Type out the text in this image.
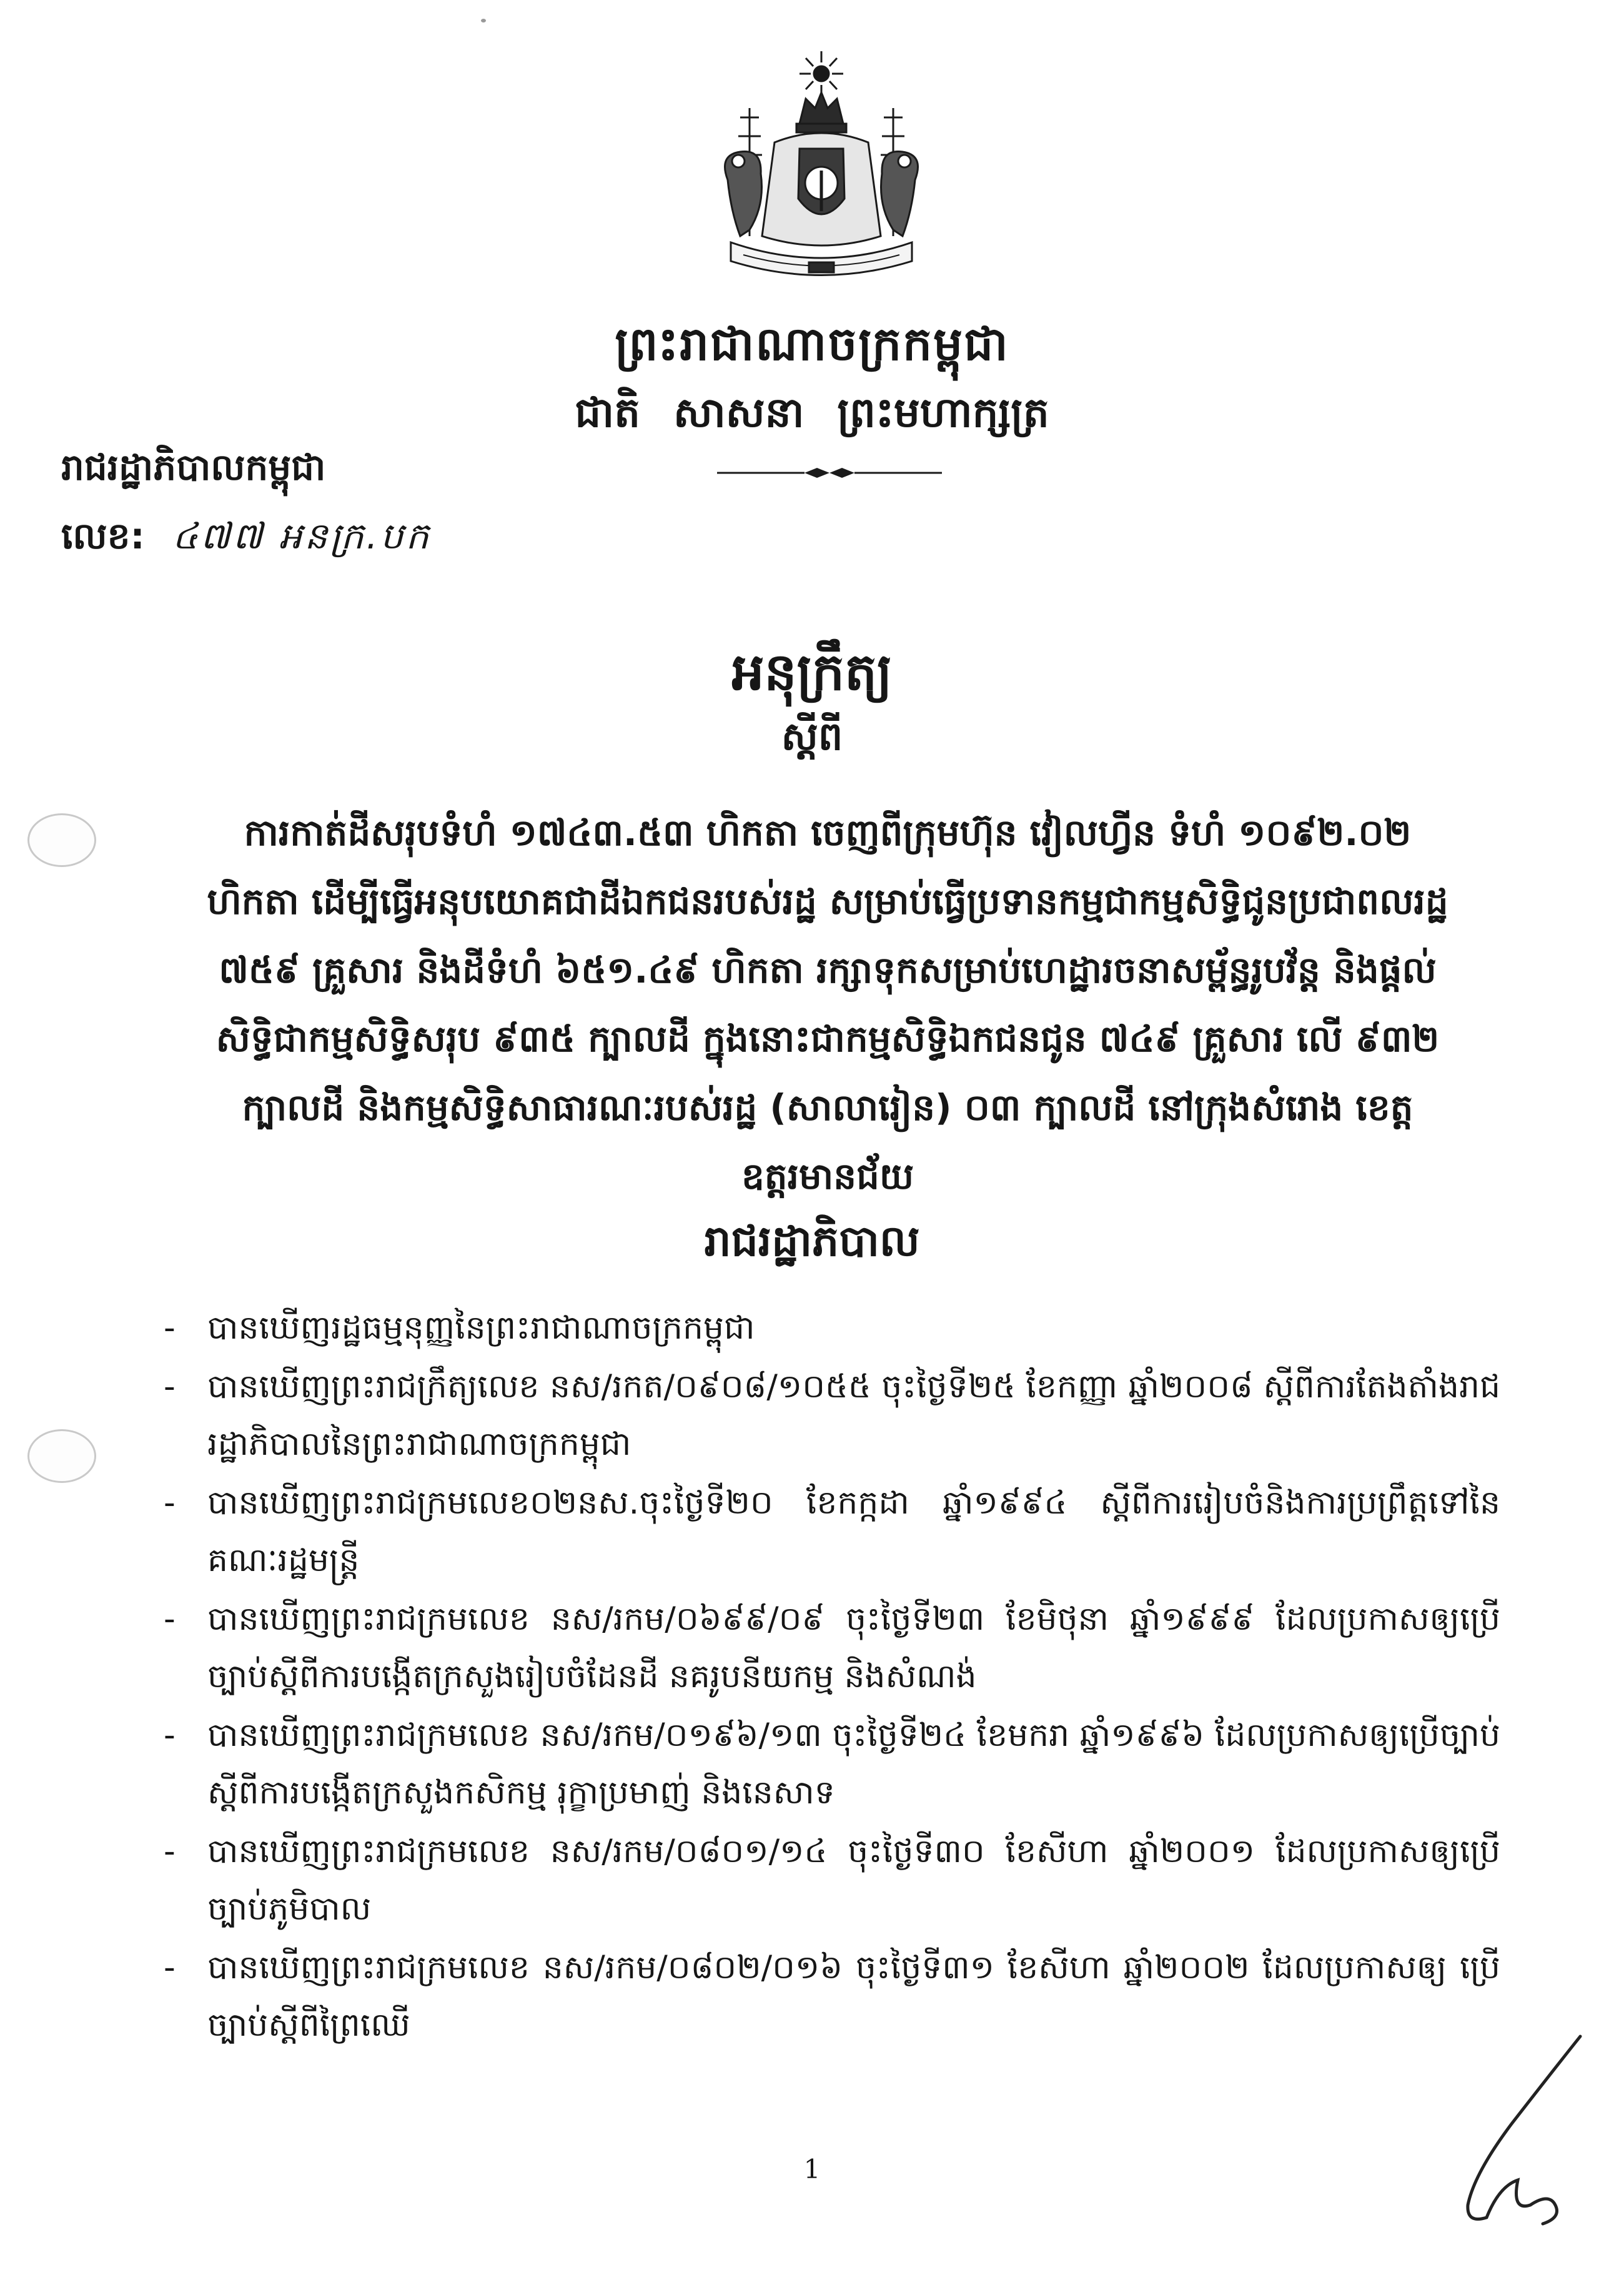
ព្រះរាជាណាចក្រកម្ពុជា
ជាតិ សាសនា ព្រះមហាក្សត្រ
រាជរដ្ឋាភិបាលកម្ពុជា
លេខ: ៤៧៧ អនក្រ.បក
អនុក្រឹត្យ
ស្ដីពី
ការកាត់ដីសរុបទំហំ ១៧៤៣.៥៣ ហិកតា ចេញពីក្រុមហ៊ុន វៀលហ្វីន ទំហំ ១០៩២.០២ ហិកតា ដើម្បីធ្វើអនុបយោគជាដីឯកជនរបស់រដ្ឋ សម្រាប់ធ្វើប្រទានកម្មជាកម្មសិទ្ធិជូនប្រជាពលរដ្ឋ ៧៥៩ គ្រួសារ និងដីទំហំ ៦៥១.៤៩ ហិកតា រក្សាទុកសម្រាប់ហេដ្ឋារចនាសម្ព័ន្ធរូបវ័ន្ត និងផ្ដល់សិទ្ធិជាកម្មសិទ្ធិសរុប ៩៣៥ ក្បាលដី ក្នុងនោះជាកម្មសិទ្ធិឯកជនជូន ៧៤៩ គ្រួសារ លើ ៩៣២ ក្បាលដី និងកម្មសិទ្ធិសាធារណៈរបស់រដ្ឋ (សាលារៀន) ០៣ ក្បាលដី នៅក្រុងសំរោង ខេត្តឧត្ដរមានជ័យ
រាជរដ្ឋាភិបាល
- បានឃើញរដ្ឋធម្មនុញ្ញនៃព្រះរាជាណាចក្រកម្ពុជា
- បានឃើញព្រះរាជក្រឹត្យលេខ នស/រកត/០៩០៨/១០៥៥ ចុះថ្ងៃទី២៥ ខែកញ្ញា ឆ្នាំ២០០៨ ស្ដីពីការតែងតាំងរាជរដ្ឋាភិបាលនៃព្រះរាជាណាចក្រកម្ពុជា
- បានឃើញព្រះរាជក្រមលេខ០២នស.ចុះថ្ងៃទី២០ ខែកក្កដា ឆ្នាំ១៩៩៤ ស្ដីពីការរៀបចំនិងការប្រព្រឹត្តទៅនៃគណៈរដ្ឋមន្ត្រី
- បានឃើញព្រះរាជក្រមលេខ នស/រកម/០៦៩៩/០៩ ចុះថ្ងៃទី២៣ ខែមិថុនា ឆ្នាំ១៩៩៩ ដែលប្រកាសឲ្យប្រើច្បាប់ស្ដីពីការបង្កើតក្រសួងរៀបចំដែនដី នគរូបនីយកម្ម និងសំណង់
- បានឃើញព្រះរាជក្រមលេខ នស/រកម/០១៩៦/១៣ ចុះថ្ងៃទី២៤ ខែមករា ឆ្នាំ១៩៩៦ ដែលប្រកាសឲ្យប្រើច្បាប់ ស្ដីពីការបង្កើតក្រសួងកសិកម្ម រុក្ខាប្រមាញ់ និងនេសាទ
- បានឃើញព្រះរាជក្រមលេខ នស/រកម/០៨០១/១៤ ចុះថ្ងៃទី៣០ ខែសីហា ឆ្នាំ២០០១ ដែលប្រកាសឲ្យប្រើច្បាប់ភូមិបាល
- បានឃើញព្រះរាជក្រមលេខ នស/រកម/០៨០២/០១៦ ចុះថ្ងៃទី៣១ ខែសីហា ឆ្នាំ២០០២ ដែលប្រកាសឲ្យ ប្រើច្បាប់ស្ដីពីព្រៃឈើ
1
